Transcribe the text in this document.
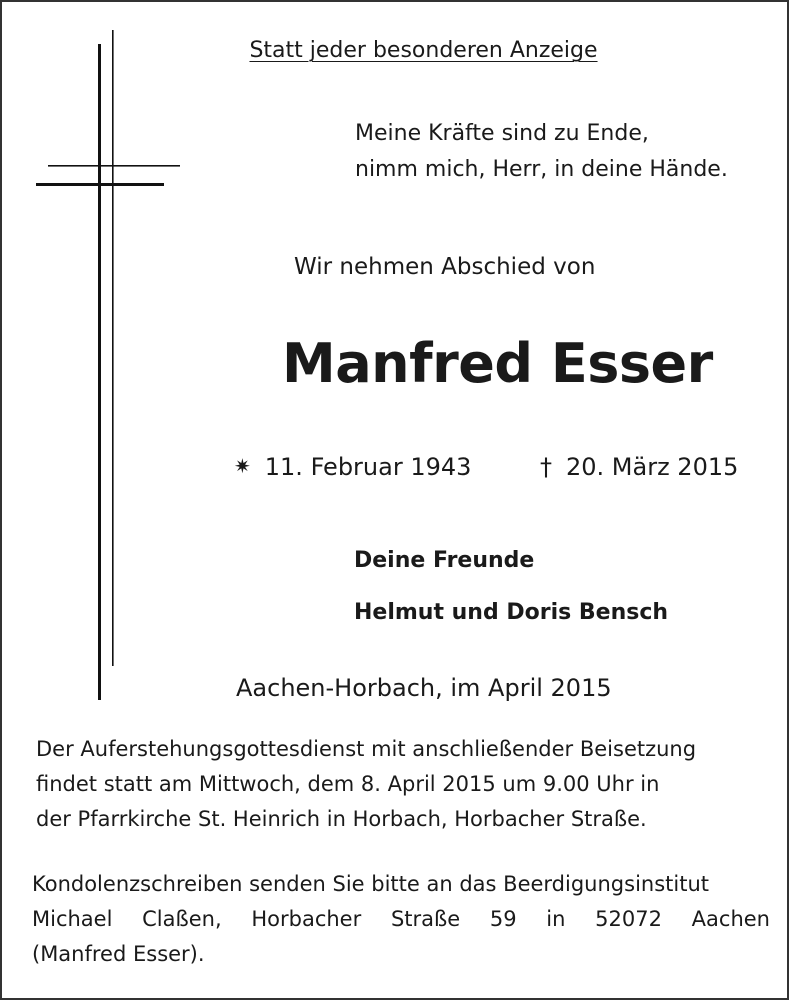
Statt jeder besonderen Anzeige
Meine Kräfte sind zu Ende,
nimm mich, Herr, in deine Hände.
Wir nehmen Abschied von
Manfred Esser
✷ 11. Februar 1943	† 20. März 2015
Deine Freunde
Helmut und Doris Bensch
Aachen-Horbach, im April 2015
Der Auferstehungsgottesdienst mit anschließender Beisetzung
findet statt am Mittwoch, dem 8. April 2015 um 9.00 Uhr in
der Pfarrkirche St. Heinrich in Horbach, Horbacher Straße.
Kondolenzschreiben senden Sie bitte an das Beerdigungsinstitut
Michael Claßen, Horbacher Straße 59 in 52072 Aachen
(Manfred Esser).
